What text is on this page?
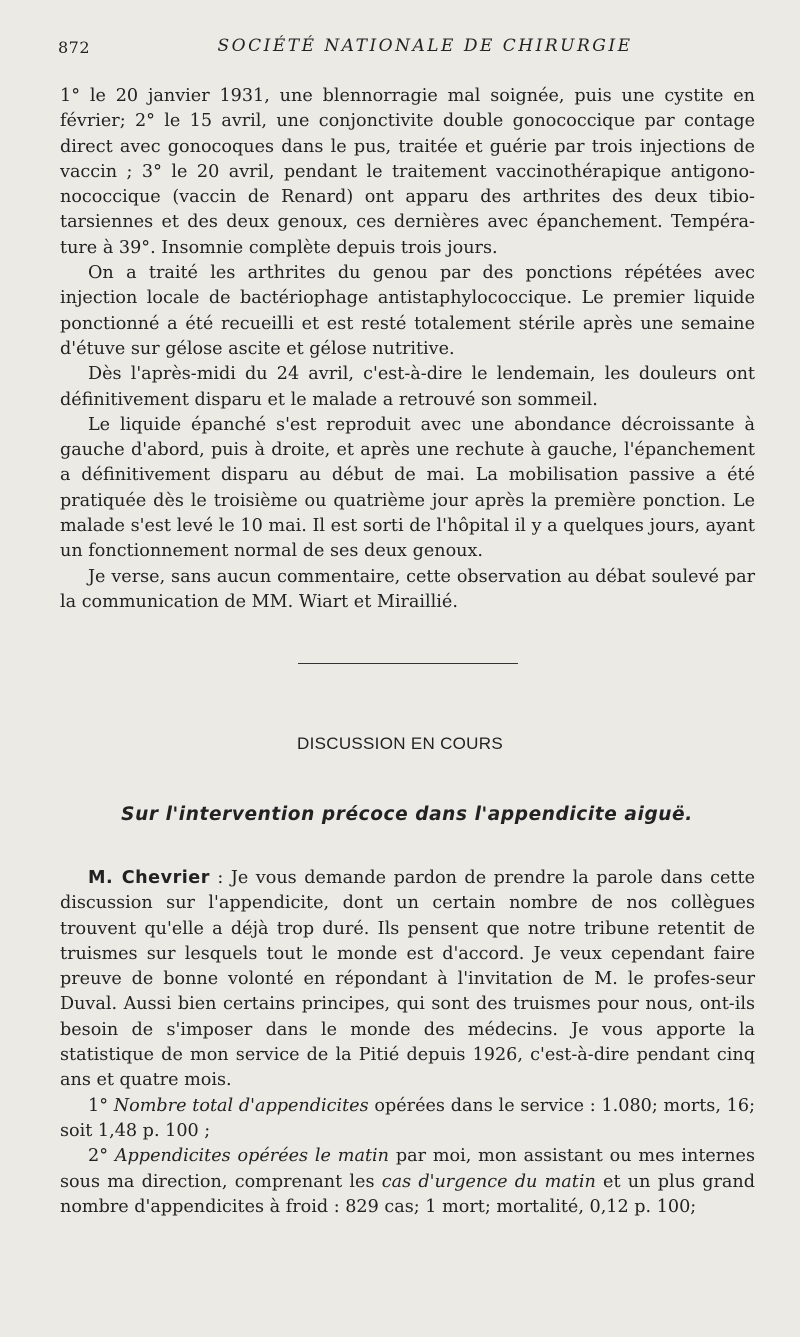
872	SOCIÉTÉ NATIONALE DE CHIRURGIE

1° le 20 janvier 1931, une blennorragie mal soignée, puis une cystite en février; 2° le 15 avril, une conjonctivite double gonococcique par contage direct avec gonocoques dans le pus, traitée et guérie par trois injections de vaccin ; 3° le 20 avril, pendant le traitement vaccinothérapique antigono-nococcique (vaccin de Renard) ont apparu des arthrites des deux tibio-tarsiennes et des deux genoux, ces dernières avec épanchement. Tempéra-ture à 39°. Insomnie complète depuis trois jours.

On a traité les arthrites du genou par des ponctions répétées avec injection locale de bactériophage antistaphylococcique. Le premier liquide ponctionné a été recueilli et est resté totalement stérile après une semaine d'étuve sur gélose ascite et gélose nutritive.

Dès l'après-midi du 24 avril, c'est-à-dire le lendemain, les douleurs ont définitivement disparu et le malade a retrouvé son sommeil.

Le liquide épanché s'est reproduit avec une abondance décroissante à gauche d'abord, puis à droite, et après une rechute à gauche, l'épanchement a définitivement disparu au début de mai. La mobilisation passive a été pratiquée dès le troisième ou quatrième jour après la première ponction. Le malade s'est levé le 10 mai. Il est sorti de l'hôpital il y a quelques jours, ayant un fonctionnement normal de ses deux genoux.

Je verse, sans aucun commentaire, cette observation au débat soulevé par la communication de MM. Wiart et Miraillié.

DISCUSSION EN COURS
Sur l'intervention précoce dans l'appendicite aiguë.

M. Chevrier : Je vous demande pardon de prendre la parole dans cette discussion sur l'appendicite, dont un certain nombre de nos collègues trouvent qu'elle a déjà trop duré. Ils pensent que notre tribune retentit de truismes sur lesquels tout le monde est d'accord. Je veux cependant faire preuve de bonne volonté en répondant à l'invitation de M. le profes-seur Duval. Aussi bien certains principes, qui sont des truismes pour nous, ont-ils besoin de s'imposer dans le monde des médecins. Je vous apporte la statistique de mon service de la Pitié depuis 1926, c'est-à-dire pendant cinq ans et quatre mois.

1° Nombre total d'appendicites opérées dans le service : 1.080; morts, 16; soit 1,48 p. 100 ;

2° Appendicites opérées le matin par moi, mon assistant ou mes internes sous ma direction, comprenant les cas d'urgence du matin et un plus grand nombre d'appendicites à froid : 829 cas; 1 mort; mortalité, 0,12 p. 100;
